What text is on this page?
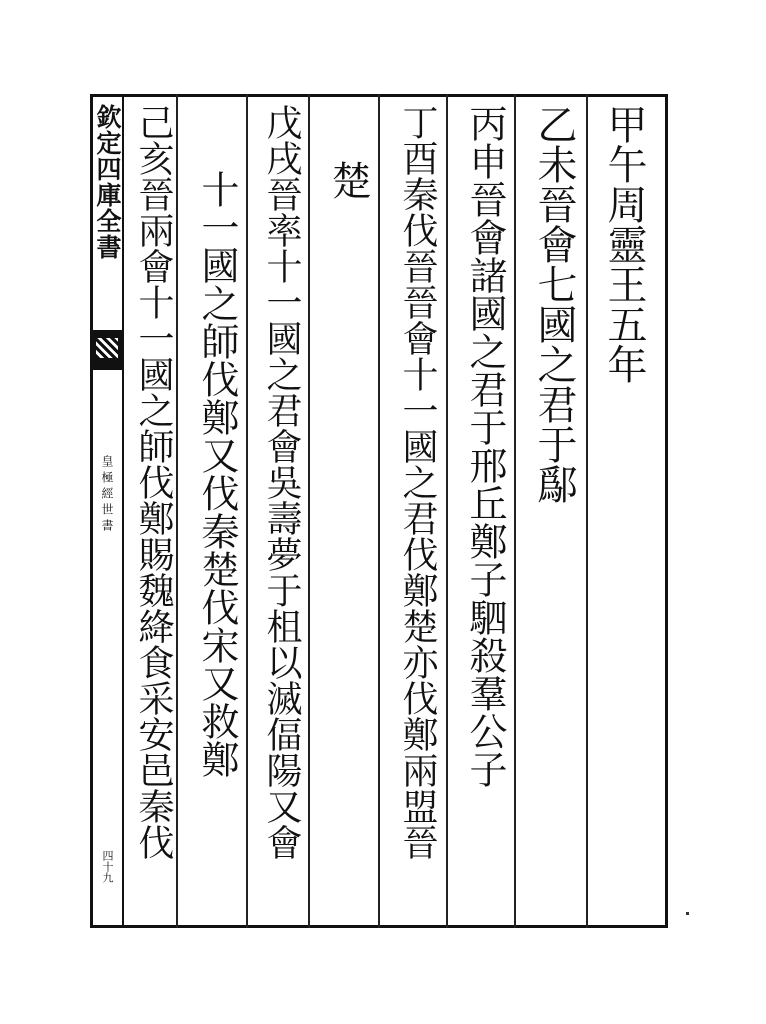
欽定四庫全書
皇極經世書
四十九
甲午周靈王五年
乙未晉會七國之君于鄬
丙申晉會諸國之君于邢丘鄭子駟殺羣公子
丁酉秦伐晉晉會十一國之君伐鄭楚亦伐鄭兩盟晉
楚
戊戌晉率十一國之君會吳壽夢于柤以滅偪陽又會
十一國之師伐鄭又伐秦楚伐宋又救鄭
己亥晉兩會十一國之師伐鄭賜魏絳食采安邑秦伐
